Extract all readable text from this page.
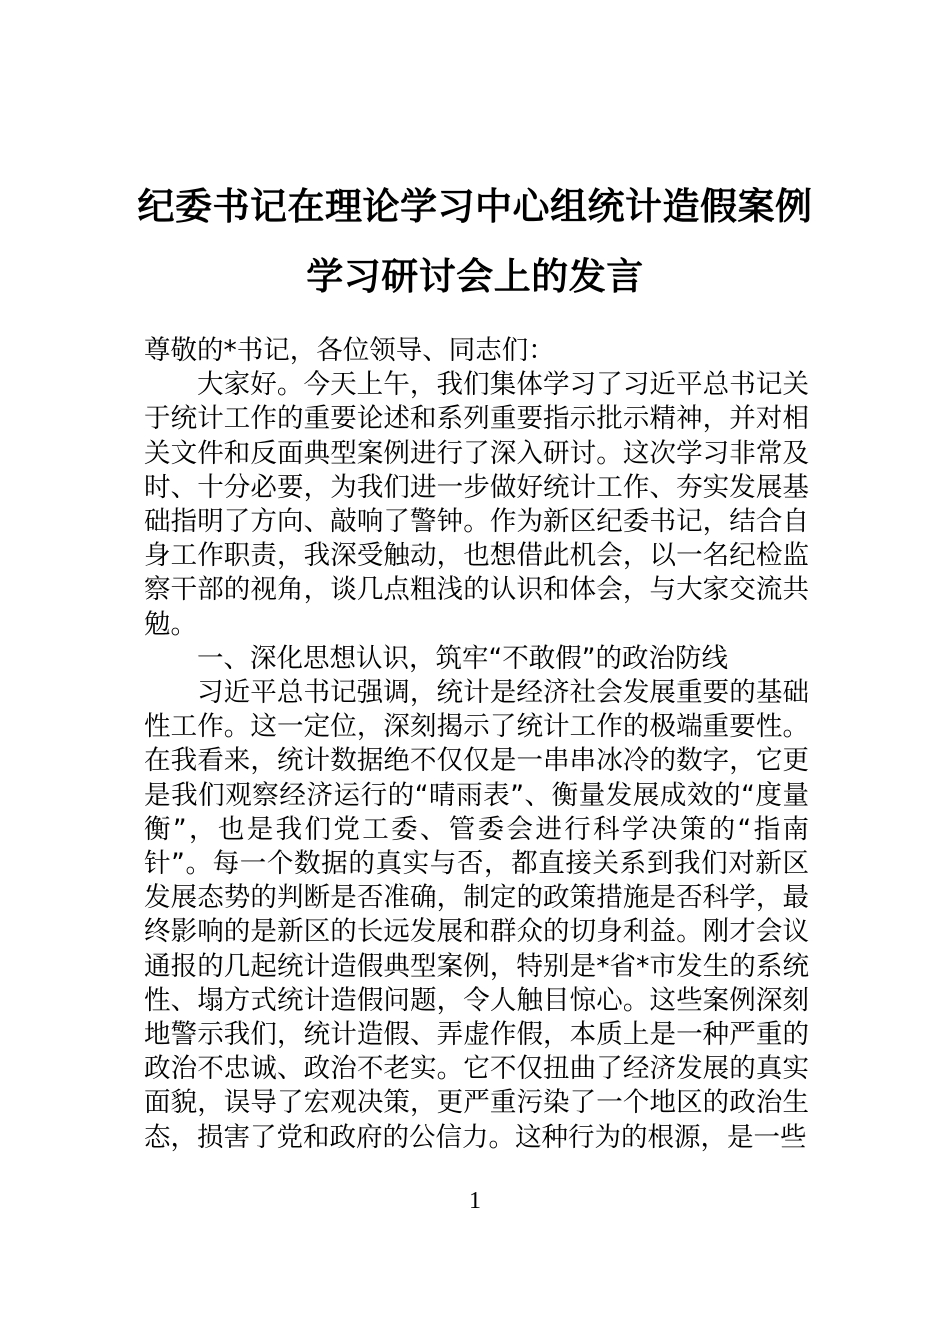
纪委书记在理论学习中心组统计造假案例
学习研讨会上的发言

尊敬的*书记，各位领导、同志们：

大家好。今天上午，我们集体学习了习近平总书记关于统计工作的重要论述和系列重要指示批示精神，并对相关文件和反面典型案例进行了深入研讨。这次学习非常及时、十分必要，为我们进一步做好统计工作、夯实发展基础指明了方向、敲响了警钟。作为新区纪委书记，结合自身工作职责，我深受触动，也想借此机会，以一名纪检监察干部的视角，谈几点粗浅的认识和体会，与大家交流共勉。

一、深化思想认识，筑牢“不敢假”的政治防线

习近平总书记强调，统计是经济社会发展重要的基础性工作。这一定位，深刻揭示了统计工作的极端重要性。在我看来，统计数据绝不仅仅是一串串冰冷的数字，它更是我们观察经济运行的“晴雨表”、衡量发展成效的“度量衡”，也是我们党工委、管委会进行科学决策的“指南针”。每一个数据的真实与否，都直接关系到我们对新区发展态势的判断是否准确，制定的政策措施是否科学，最终影响的是新区的长远发展和群众的切身利益。刚才会议通报的几起统计造假典型案例，特别是*省*市发生的系统性、塌方式统计造假问题，令人触目惊心。这些案例深刻地警示我们，统计造假、弄虚作假，本质上是一种严重的政治不忠诚、政治不老实。它不仅扭曲了经济发展的真实面貌，误导了宏观决策，更严重污染了一个地区的政治生态，损害了党和政府的公信力。这种行为的根源，是一些

1
